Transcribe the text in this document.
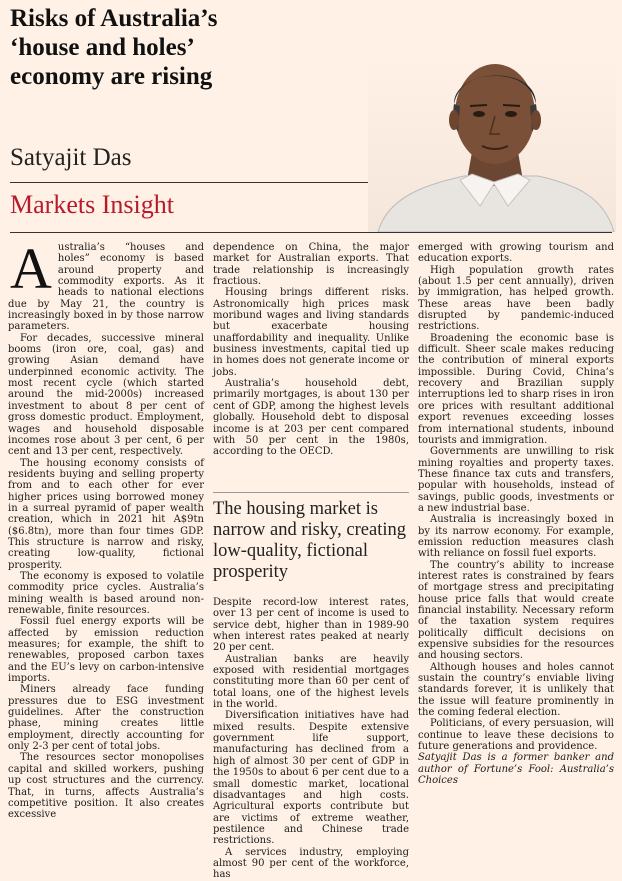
Risks of Australia’s
‘house and holes’
economy are rising
Satyajit Das
Markets Insight

Australia’s “houses and holes” economy is based around property and commodity exports. As it heads to national elections due by May 21, the country is increasingly boxed in by those narrow parameters.

For decades, successive mineral booms (iron ore, coal, gas) and growing Asian demand have underpinned economic activity. The most recent cycle (which started around the mid-2000s) increased investment to about 8 per cent of gross domestic product. Employment, wages and household disposable incomes rose about 3 per cent, 6 per cent and 13 per cent, respectively.

The housing economy consists of residents buying and selling property from and to each other for ever higher prices using borrowed money in a surreal pyramid of paper wealth creation, which in 2021 hit A$9tn ($6.8tn), more than four times GDP. This structure is narrow and risky, creating low-quality, fictional prosperity.

The economy is exposed to volatile commodity price cycles. Australia’s mining wealth is based around non-renewable, finite resources.

Fossil fuel energy exports will be affected by emission reduction measures; for example, the shift to renewables, proposed carbon taxes and the EU’s levy on carbon-intensive imports.

Miners already face funding pressures due to ESG investment guidelines. After the construction phase, mining creates little employment, directly accounting for only 2-3 per cent of total jobs.

The resources sector monopolises capital and skilled workers, pushing up cost structures and the currency. That, in turns, affects Australia’s competitive position. It also creates excessive

dependence on China, the major market for Australian exports. That trade relationship is increasingly fractious.

Housing brings different risks. Astronomically high prices mask moribund wages and living standards but exacerbate housing unaffordability and inequality. Unlike business investments, capital tied up in homes does not generate income or jobs.

Australia’s household debt, primarily mortgages, is about 130 per cent of GDP, among the highest levels globally. Household debt to disposal income is at 203 per cent compared with 50 per cent in the 1980s, according to the OECD.

The housing market is narrow and risky, creating low-quality, fictional prosperity

Despite record-low interest rates, over 13 per cent of income is used to service debt, higher than in 1989-90 when interest rates peaked at nearly 20 per cent.

Australian banks are heavily exposed with residential mortgages constituting more than 60 per cent of total loans, one of the highest levels in the world.

Diversification initiatives have had mixed results. Despite extensive government life support, manufacturing has declined from a high of almost 30 per cent of GDP in the 1950s to about 6 per cent due to a small domestic market, locational disadvantages and high costs. Agricultural exports contribute but are victims of extreme weather, pestilence and Chinese trade restrictions.

A services industry, employing almost 90 per cent of the workforce, has

emerged with growing tourism and education exports.

High population growth rates (about 1.5 per cent annually), driven by immigration, has helped growth. These areas have been badly disrupted by pandemic-induced restrictions.

Broadening the economic base is difficult. Sheer scale makes reducing the contribution of mineral exports impossible. During Covid, China’s recovery and Brazilian supply interruptions led to sharp rises in iron ore prices with resultant additional export revenues exceeding losses from international students, inbound tourists and immigration.

Governments are unwilling to risk mining royalties and property taxes. These finance tax cuts and transfers, popular with households, instead of savings, public goods, investments or a new industrial base.

Australia is increasingly boxed in by its narrow economy. For example, emission reduction measures clash with reliance on fossil fuel exports.

The country’s ability to increase interest rates is constrained by fears of mortgage stress and precipitating house price falls that would create financial instability. Necessary reform of the taxation system requires politically difficult decisions on expensive subsidies for the resources and housing sectors.

Although houses and holes cannot sustain the country’s enviable living standards forever, it is unlikely that the issue will feature prominently in the coming federal election.

Politicians, of every persuasion, will continue to leave these decisions to future generations and providence.

Satyajit Das is a former banker and author of Fortune’s Fool: Australia’s Choices
